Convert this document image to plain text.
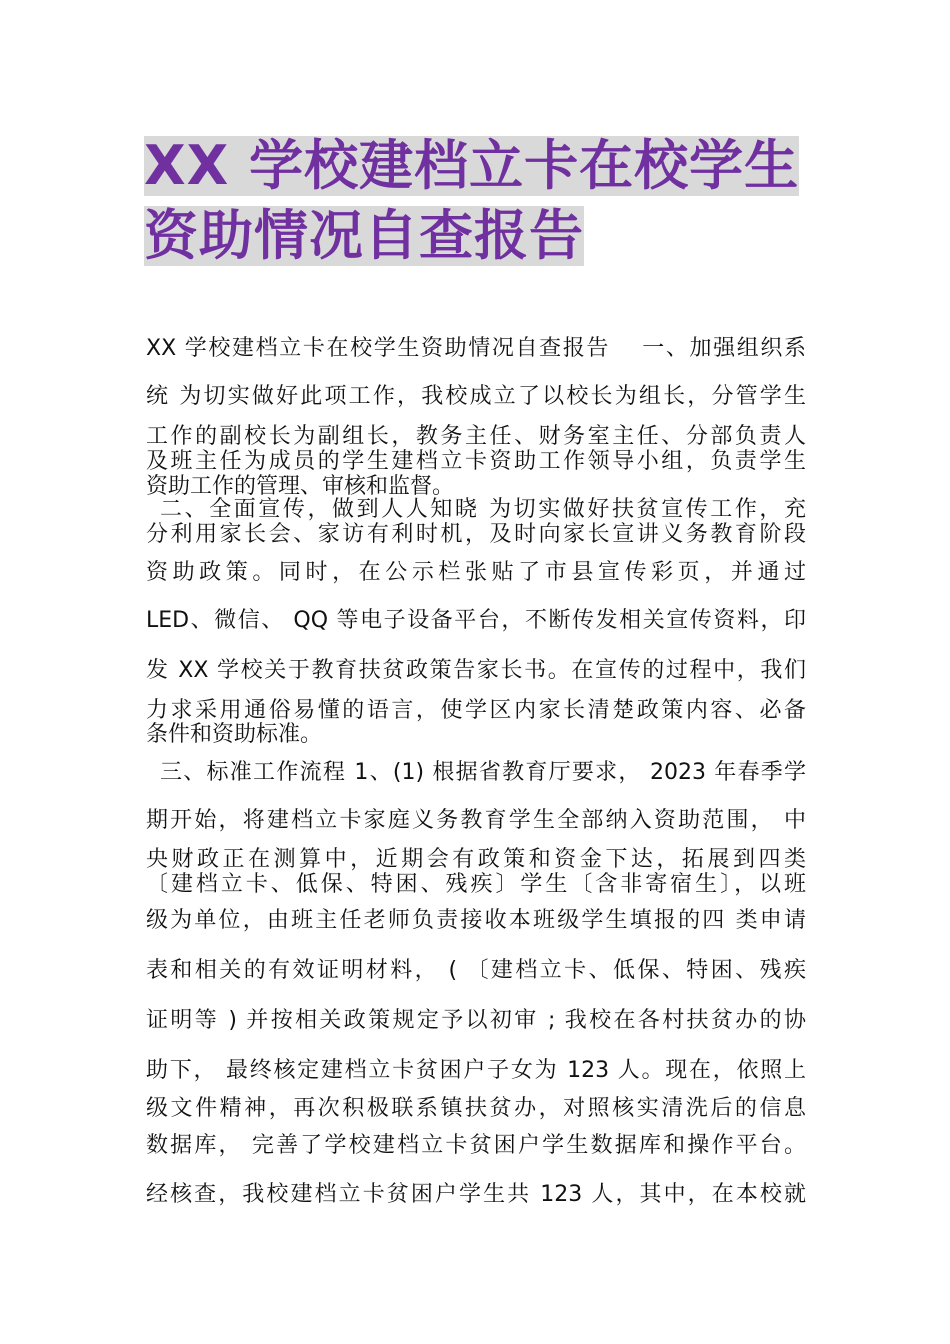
XX 学校建档立卡在校学生
资助情况自查报告
XX 学校建档立卡在校学生资助情况自查报告　 一、加强组织系
统 为切实做好此项工作，我校成立了以校长为组长，分管学生
工作的副校长为副组长，教务主任、财务室主任、分部负责人
及班主任为成员的学生建档立卡资助工作领导小组，负责学生
资助工作的管理、审核和监督。
二、全面宣传，做到人人知晓 为切实做好扶贫宣传工作，充
分利用家长会、家访有利时机，及时向家长宣讲义务教育阶段
资助政策。同时，在公示栏张贴了市县宣传彩页，并通过
LED、微信、 QQ 等电子设备平台，不断传发相关宣传资料，印
发 XX 学校关于教育扶贫政策告家长书。在宣传的过程中，我们
力求采用通俗易懂的语言，使学区内家长清楚政策内容、必备
条件和资助标准。
三、标准工作流程 1、(1) 根据省教育厅要求， 2023 年春季学
期开始，将建档立卡家庭义务教育学生全部纳入资助范围， 中
央财政正在测算中，近期会有政策和资金下达，拓展到四类
〔建档立卡、低保、特困、残疾〕学生〔含非寄宿生〕，以班
级为单位，由班主任老师负责接收本班级学生填报的四 类申请
表和相关的有效证明材料， ( 〔建档立卡、低保、特困、残疾
证明等 ) 并按相关政策规定予以初审 ; 我校在各村扶贫办的协
助下， 最终核定建档立卡贫困户子女为 123 人。现在，依照上
级文件精神，再次积极联系镇扶贫办，对照核实清洗后的信息
数据库， 完善了学校建档立卡贫困户学生数据库和操作平台。
经核查，我校建档立卡贫困户学生共 123 人，其中，在本校就
